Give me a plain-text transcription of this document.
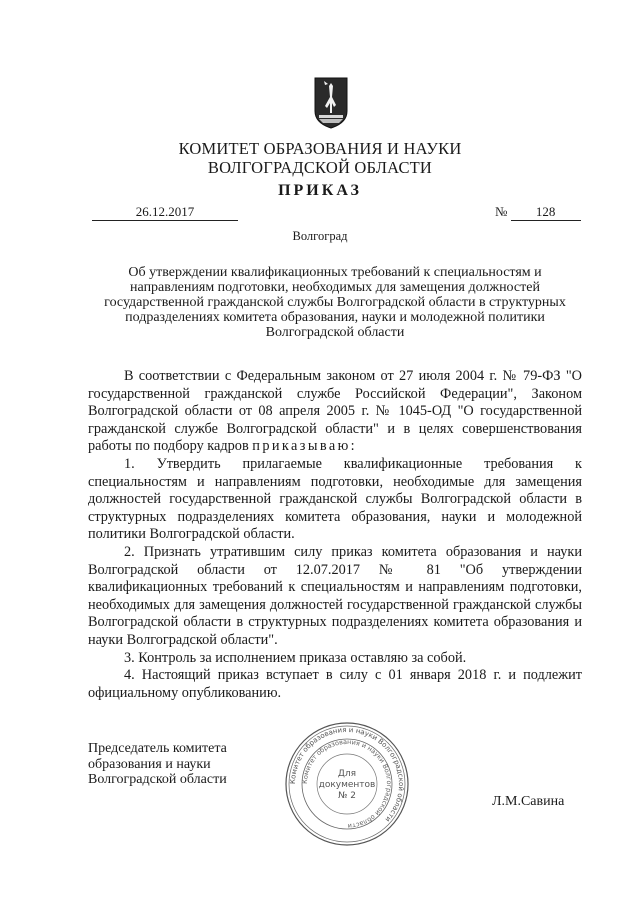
КОМИТЕТ ОБРАЗОВАНИЯ И НАУКИ
ВОЛГОГРАДСКОЙ ОБЛАСТИ
ПРИКАЗ
26.12.2017	№ 128
Волгоград
Об утверждении квалификационных требований к специальностям и направлениям подготовки, необходимых для замещения должностей государственной гражданской службы Волгоградской области в структурных подразделениях комитета образования, науки и молодежной политики Волгоградской области

В соответствии с Федеральным законом от 27 июля 2004 г. № 79-ФЗ "О государственной гражданской службе Российской Федерации", Законом Волгоградской области от 08 апреля 2005 г. № 1045-ОД "О государственной гражданской службе Волгоградской области" и в целях совершенствования работы по подбору кадров приказываю:

1. Утвердить прилагаемые квалификационные требования к специальностям и направлениям подготовки, необходимые для замещения должностей государственной гражданской службы Волгоградской области в структурных подразделениях комитета образования, науки и молодежной политики Волгоградской области.

2. Признать утратившим силу приказ комитета образования и науки Волгоградской области от 12.07.2017 № 81 "Об утверждении квалификационных требований к специальностям и направлениям подготовки, необходимых для замещения должностей государственной гражданской службы Волгоградской области в структурных подразделениях комитета образования и науки Волгоградской области".

3. Контроль за исполнением приказа оставляю за собой.

4. Настоящий приказ вступает в силу с 01 января 2018 г. и подлежит официальному опубликованию.

Председатель комитета
образования и науки
Волгоградской области	Комитет образования и науки Волгоградской области
Комитет образования и науки Волгоградской области
Для
документов
№ 2	Л.М.Савина
